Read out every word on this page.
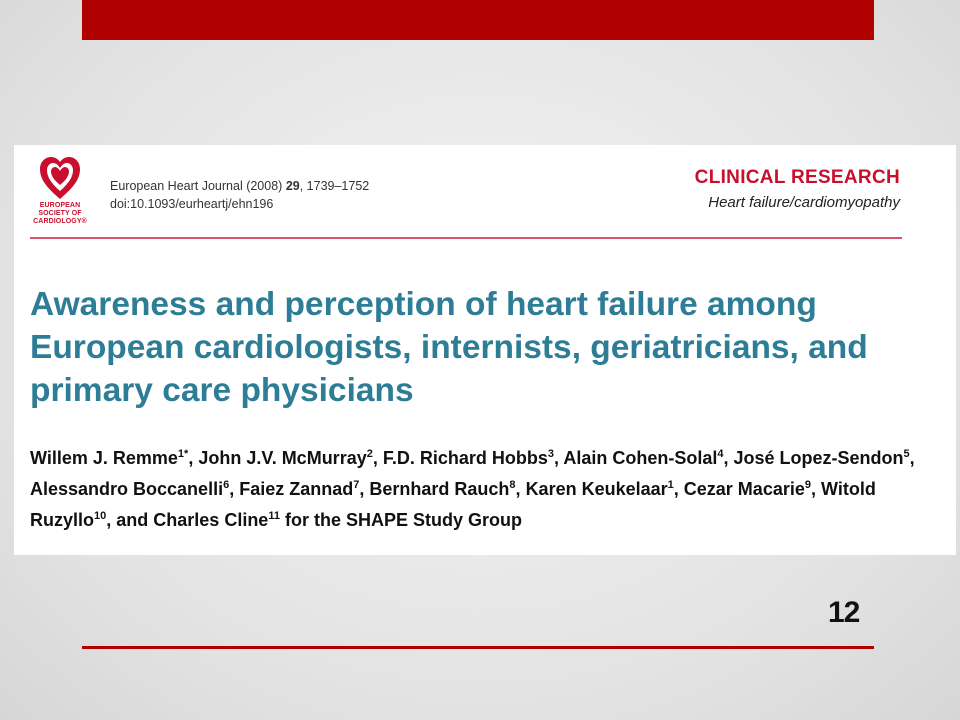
EUROPEAN
SOCIETY OF
CARDIOLOGY®
European Heart Journal (2008) 29, 1739–1752
doi:10.1093/eurheartj/ehn196
CLINICAL RESEARCH
Heart failure/cardiomyopathy
Awareness and perception of heart failure among European cardiologists, internists, geriatricians, and primary care physicians
Willem J. Remme$^{1*}$, John J.V. McMurray$^2$, F.D. Richard Hobbs$^3$, Alain Cohen-Solal$^4$, José Lopez-Sendon$^5$, Alessandro Boccanelli$^6$, Faiez Zannad$^7$, Bernhard Rauch$^8$, Karen Keukelaar$^1$, Cezar Macarie$^9$, Witold Ruzyllo$^{10}$, and Charles Cline$^{11}$ for the SHAPE Study Group
12
